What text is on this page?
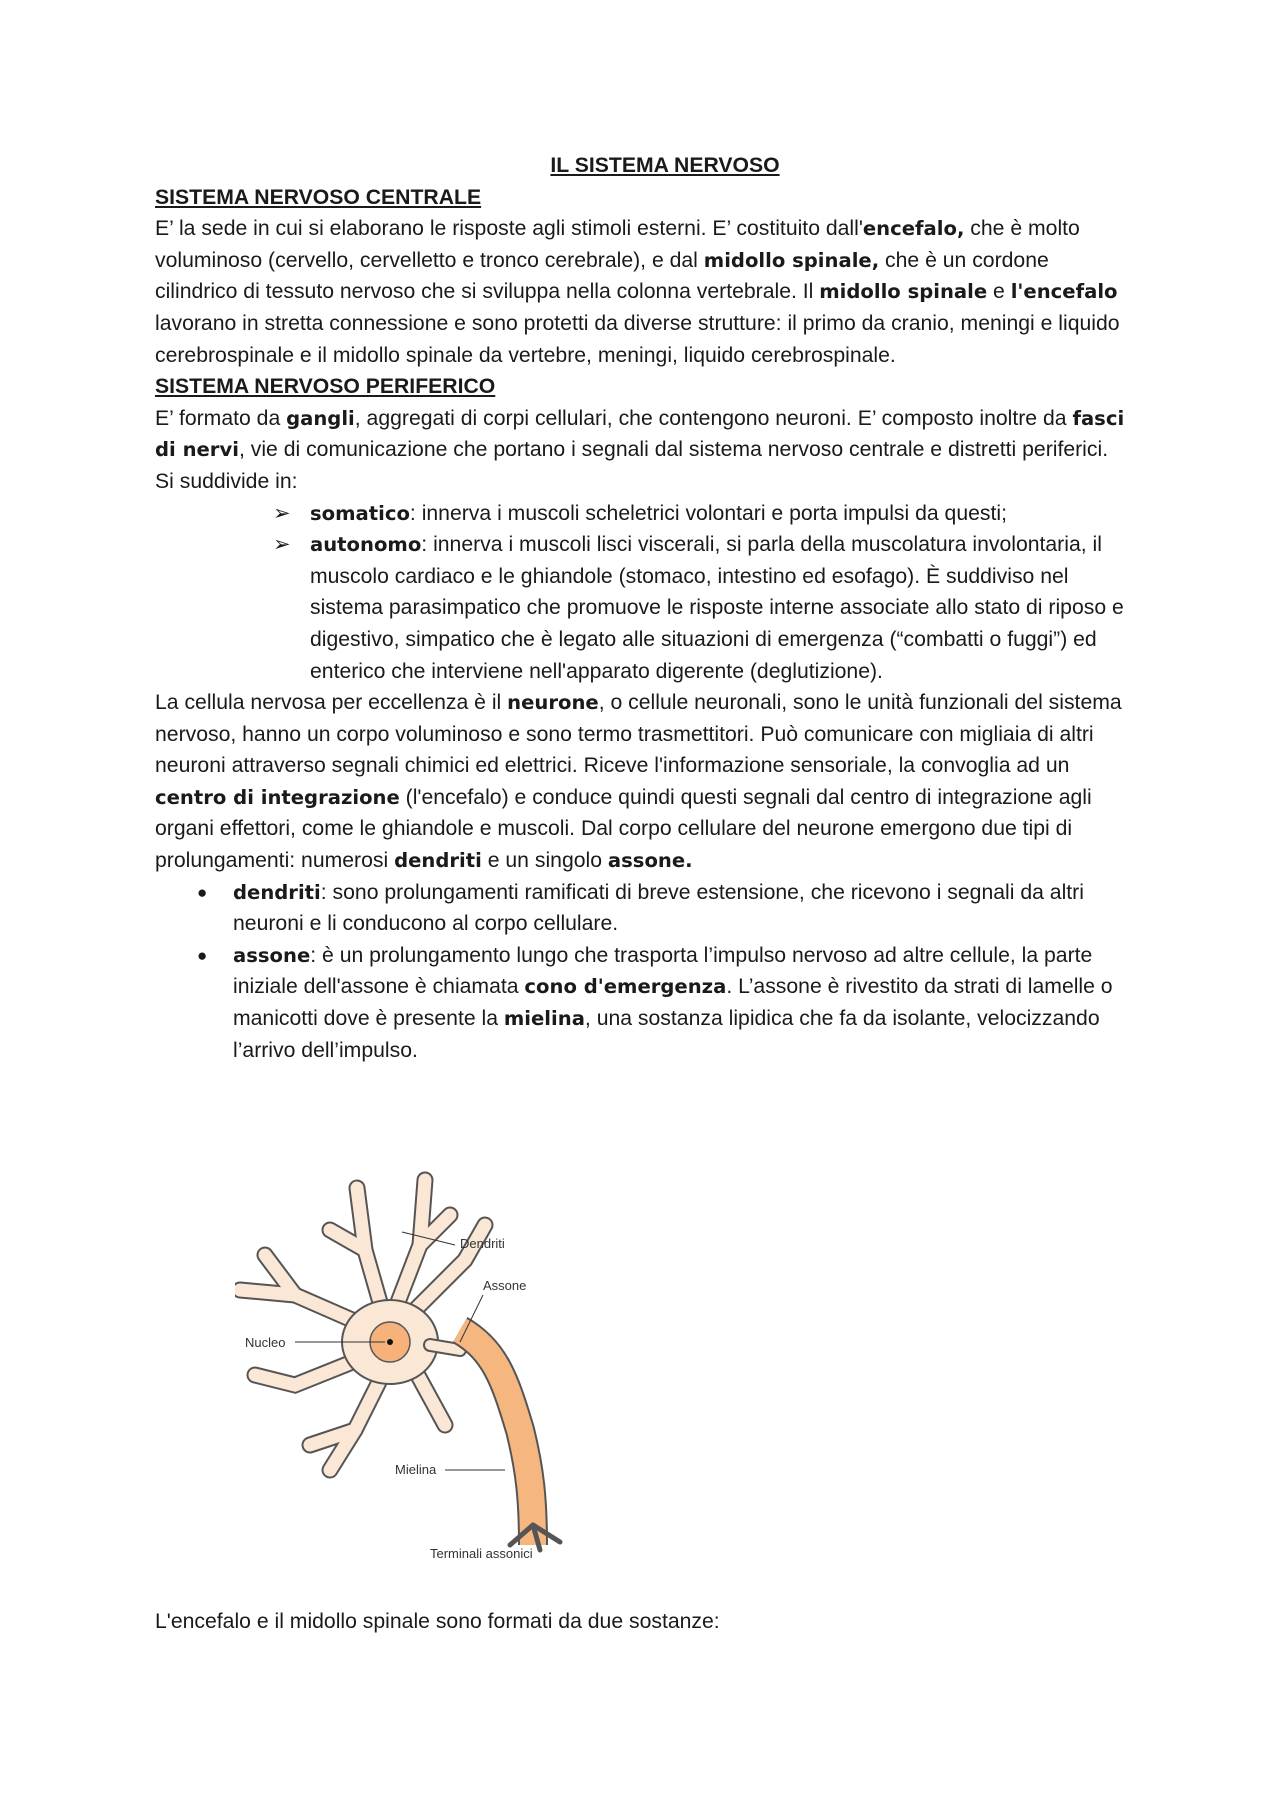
IL SISTEMA NERVOSO

SISTEMA NERVOSO CENTRALE

E’ la sede in cui si elaborano le risposte agli stimoli esterni. E’ costituito dall'encefalo, che è molto voluminoso (cervello, cervelletto e tronco cerebrale), e dal midollo spinale, che è un cordone cilindrico di tessuto nervoso che si sviluppa nella colonna vertebrale. Il midollo spinale e l'encefalo lavorano in stretta connessione e sono protetti da diverse strutture: il primo da cranio, meningi e liquido cerebrospinale e il midollo spinale da vertebre, meningi, liquido cerebrospinale.

SISTEMA NERVOSO PERIFERICO

E’ formato da gangli, aggregati di corpi cellulari, che contengono neuroni. E’ composto inoltre da fasci di nervi, vie di comunicazione che portano i segnali dal sistema nervoso centrale e distretti periferici. Si suddivide in:

➢ somatico: innerva i muscoli scheletrici volontari e porta impulsi da questi;
➢ autonomo: innerva i muscoli lisci viscerali, si parla della muscolatura involontaria, il muscolo cardiaco e le ghiandole (stomaco, intestino ed esofago). È suddiviso nel sistema parasimpatico che promuove le risposte interne associate allo stato di riposo e digestivo, simpatico che è legato alle situazioni di emergenza (“combatti o fuggi”) ed enterico che interviene nell'apparato digerente (deglutizione).

La cellula nervosa per eccellenza è il neurone, o cellule neuronali, sono le unità funzionali del sistema nervoso, hanno un corpo voluminoso e sono termo trasmettitori. Può comunicare con migliaia di altri neuroni attraverso segnali chimici ed elettrici. Riceve l'informazione sensoriale, la convoglia ad un centro di integrazione (l'encefalo) e conduce quindi questi segnali dal centro di integrazione agli organi effettori, come le ghiandole e muscoli. Dal corpo cellulare del neurone emergono due tipi di prolungamenti: numerosi dendriti e un singolo assone.

● dendriti: sono prolungamenti ramificati di breve estensione, che ricevono i segnali da altri neuroni e li conducono al corpo cellulare.
● assone: è un prolungamento lungo che trasporta l’impulso nervoso ad altre cellule, la parte iniziale dell'assone è chiamata cono d'emergenza. L’assone è rivestito da strati di lamelle o manicotti dove è presente la mielina, una sostanza lipidica che fa da isolante, velocizzando l’arrivo dell’impulso.
Dendriti
Assone
Nucleo
Mielina
Terminali assonici

L'encefalo e il midollo spinale sono formati da due sostanze:
